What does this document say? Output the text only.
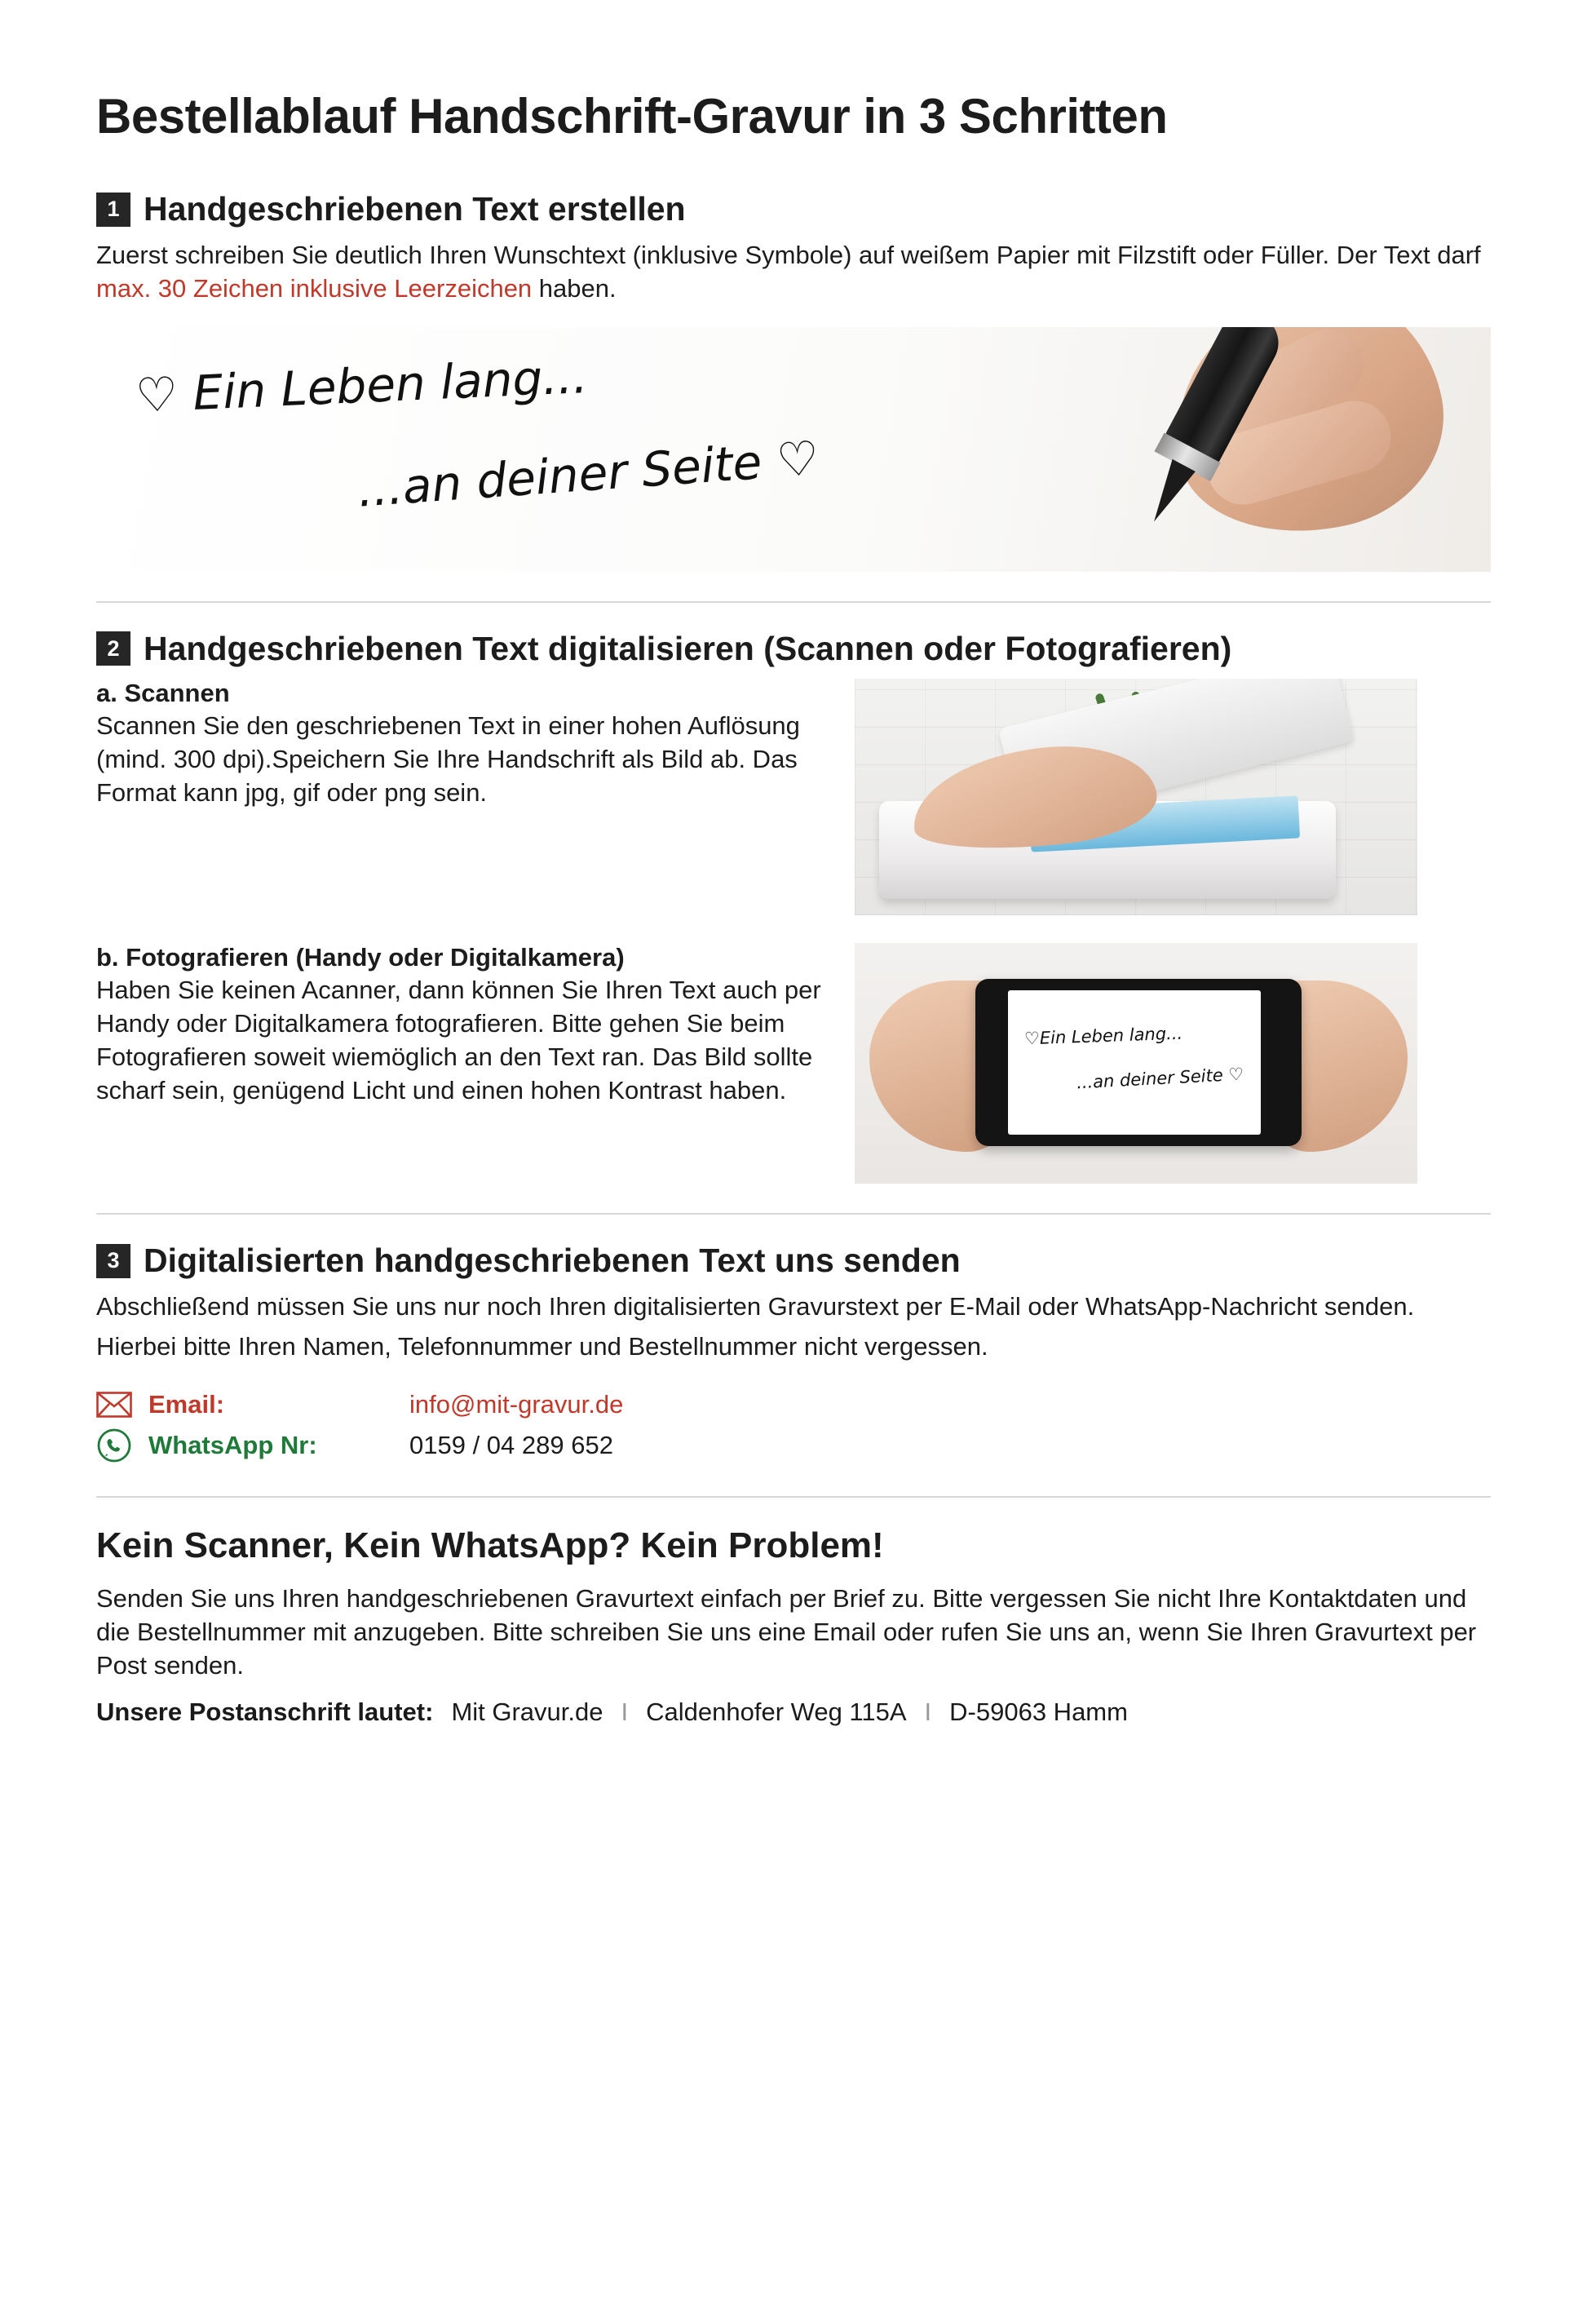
Bestellablauf Handschrift-Gravur in 3 Schritten
1 Handgeschriebenen Text erstellen

Zuerst schreiben Sie deutlich Ihren Wunschtext (inklusive Symbole) auf weißem Papier mit Filzstift oder Füller. Der Text darf max. 30 Zeichen inklusive Leerzeichen haben.

♡ Ein Leben lang...
...an deiner Seite ♡
2 Handgeschriebenen Text digitalisieren (Scannen oder Fotografieren)
a. Scannen

Scannen Sie den geschriebenen Text in einer hohen Auflösung (mind. 300 dpi).Speichern Sie Ihre Handschrift als Bild ab. Das Format kann jpg, gif oder png sein.

b. Fotografieren (Handy oder Digitalkamera)

Haben Sie keinen Acanner, dann können Sie Ihren Text auch per Handy oder Digitalkamera fotografieren. Bitte gehen Sie beim Fotografieren soweit wiemöglich an den Text ran. Das Bild sollte scharf sein, genügend Licht und einen hohen Kontrast haben.

♡Ein Leben lang...
...an deiner Seite ♡
3 Digitalisierten handgeschriebenen Text uns senden

Abschließend müssen Sie uns nur noch Ihren digitalisierten Gravurstext per E-Mail oder WhatsApp-Nachricht senden.

Hierbei bitte Ihren Namen, Telefonnummer und Bestellnummer nicht vergessen.

Email:	info@mit-gravur.de
WhatsApp Nr:	0159 / 04 289 652
Kein Scanner, Kein WhatsApp? Kein Problem!

Senden Sie uns Ihren handgeschriebenen Gravurtext einfach per Brief zu. Bitte vergessen Sie nicht Ihre Kontaktdaten und die Bestellnummer mit anzugeben. Bitte schreiben Sie uns eine Email oder rufen Sie uns an, wenn Sie Ihren Gravurtext per Post senden.

Unsere Postanschrift lautet: Mit Gravur.de I Caldenhofer Weg 115A I D-59063 Hamm
